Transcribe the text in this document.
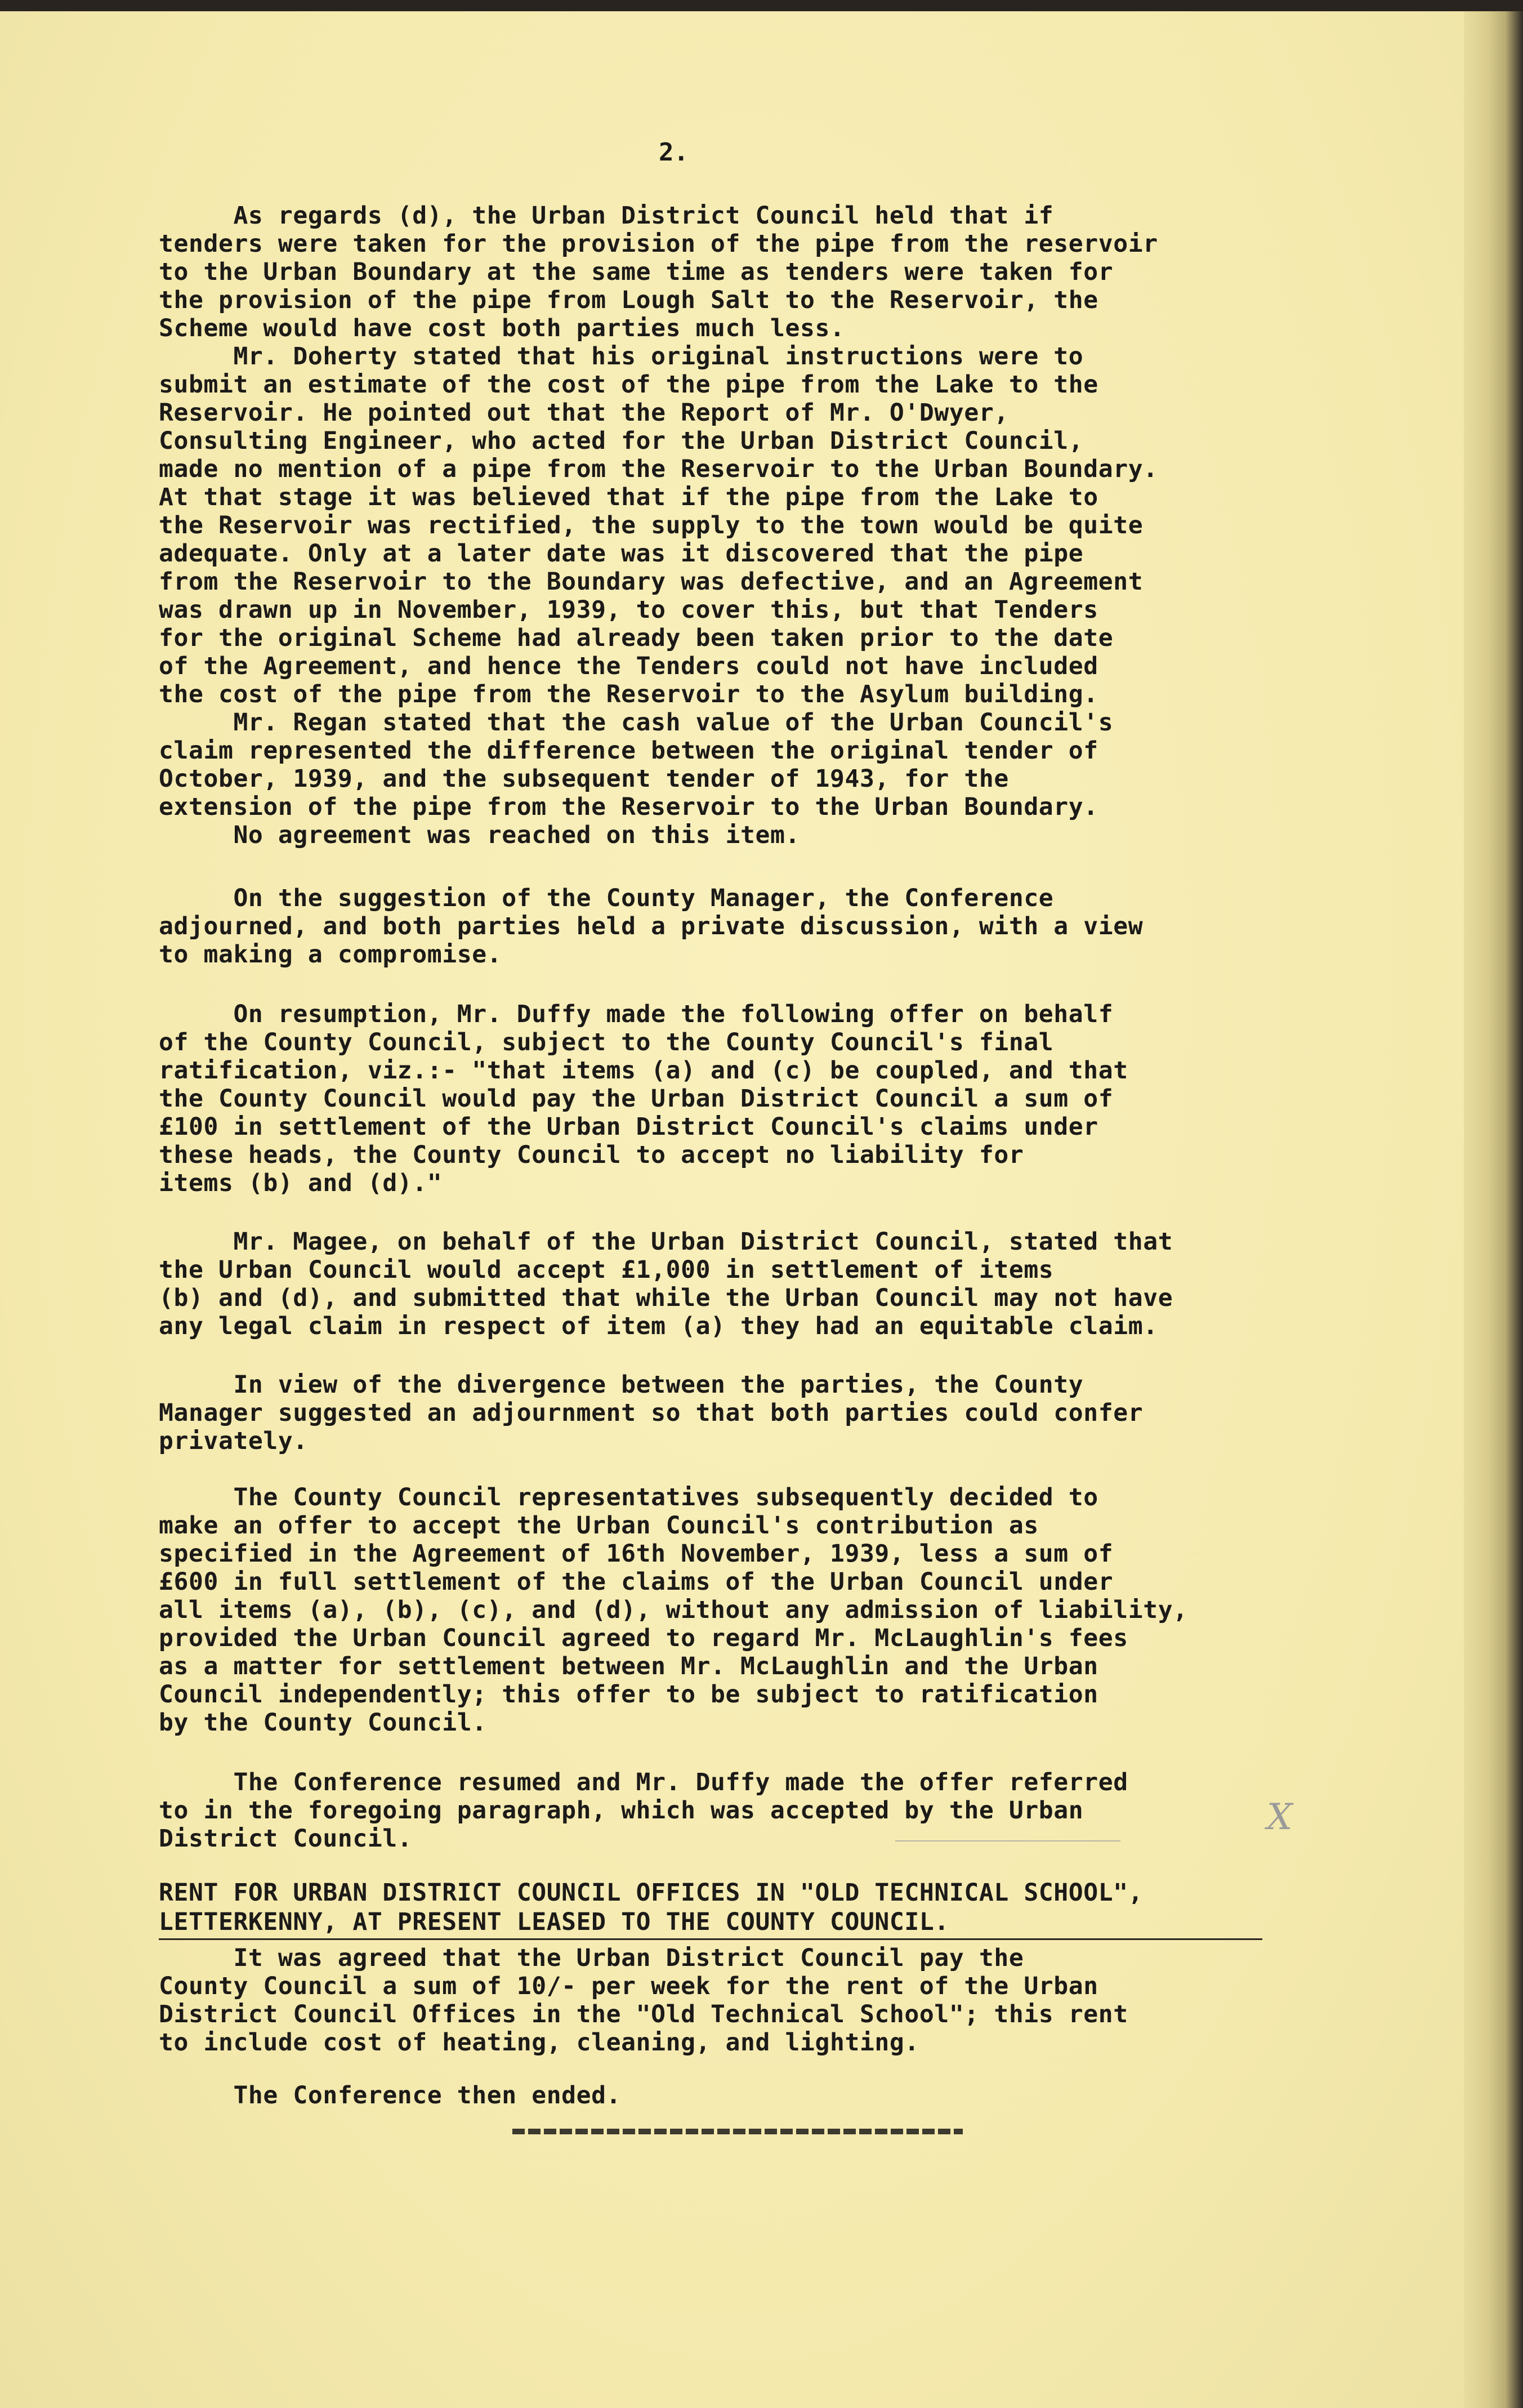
2.
As regards (d), the Urban District Council held that if
tenders were taken for the provision of the pipe from the reservoir
to the Urban Boundary at the same time as tenders were taken for
the provision of the pipe from Lough Salt to the Reservoir, the
Scheme would have cost both parties much less.
Mr. Doherty stated that his original instructions were to
submit an estimate of the cost of the pipe from the Lake to the
Reservoir. He pointed out that the Report of Mr. O'Dwyer,
Consulting Engineer, who acted for the Urban District Council,
made no mention of a pipe from the Reservoir to the Urban Boundary.
At that stage it was believed that if the pipe from the Lake to
the Reservoir was rectified, the supply to the town would be quite
adequate. Only at a later date was it discovered that the pipe
from the Reservoir to the Boundary was defective, and an Agreement
was drawn up in November, 1939, to cover this, but that Tenders
for the original Scheme had already been taken prior to the date
of the Agreement, and hence the Tenders could not have included
the cost of the pipe from the Reservoir to the Asylum building.
Mr. Regan stated that the cash value of the Urban Council's
claim represented the difference between the original tender of
October, 1939, and the subsequent tender of 1943, for the
extension of the pipe from the Reservoir to the Urban Boundary.
No agreement was reached on this item.
On the suggestion of the County Manager, the Conference
adjourned, and both parties held a private discussion, with a view
to making a compromise.
On resumption, Mr. Duffy made the following offer on behalf
of the County Council, subject to the County Council's final
ratification, viz.:- "that items (a) and (c) be coupled, and that
the County Council would pay the Urban District Council a sum of
£100 in settlement of the Urban District Council's claims under
these heads, the County Council to accept no liability for
items (b) and (d)."
Mr. Magee, on behalf of the Urban District Council, stated that
the Urban Council would accept £1,000 in settlement of items
(b) and (d), and submitted that while the Urban Council may not have
any legal claim in respect of item (a) they had an equitable claim.
In view of the divergence between the parties, the County
Manager suggested an adjournment so that both parties could confer
privately.
The County Council representatives subsequently decided to
make an offer to accept the Urban Council's contribution as
specified in the Agreement of 16th November, 1939, less a sum of
£600 in full settlement of the claims of the Urban Council under
all items (a), (b), (c), and (d), without any admission of liability,
provided the Urban Council agreed to regard Mr. McLaughlin's fees
as a matter for settlement between Mr. McLaughlin and the Urban
Council independently; this offer to be subject to ratification
by the County Council.
The Conference resumed and Mr. Duffy made the offer referred
to in the foregoing paragraph, which was accepted by the Urban
District Council.
X
RENT FOR URBAN DISTRICT COUNCIL OFFICES IN "OLD TECHNICAL SCHOOL",
LETTERKENNY, AT PRESENT LEASED TO THE COUNTY COUNCIL.
It was agreed that the Urban District Council pay the
County Council a sum of 10/- per week for the rent of the Urban
District Council Offices in the "Old Technical School"; this rent
to include cost of heating, cleaning, and lighting.
The Conference then ended.
